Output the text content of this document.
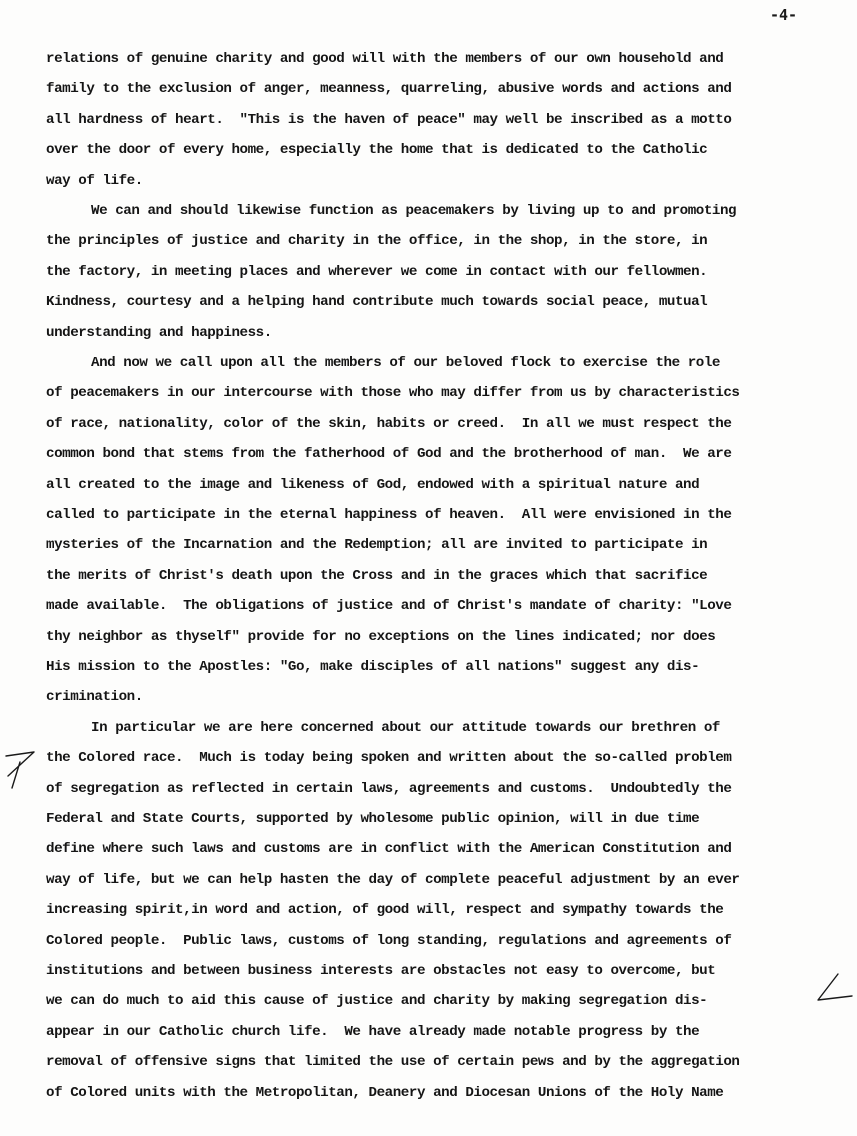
-4-
relations of genuine charity and good will with the members of our own household and
family to the exclusion of anger, meanness, quarreling, abusive words and actions and
all hardness of heart.  "This is the haven of peace" may well be inscribed as a motto
over the door of every home, especially the home that is dedicated to the Catholic
way of life.
We can and should likewise function as peacemakers by living up to and promoting
the principles of justice and charity in the office, in the shop, in the store, in
the factory, in meeting places and wherever we come in contact with our fellowmen.
Kindness, courtesy and a helping hand contribute much towards social peace, mutual
understanding and happiness.
And now we call upon all the members of our beloved flock to exercise the role
of peacemakers in our intercourse with those who may differ from us by characteristics
of race, nationality, color of the skin, habits or creed.  In all we must respect the
common bond that stems from the fatherhood of God and the brotherhood of man.  We are
all created to the image and likeness of God, endowed with a spiritual nature and
called to participate in the eternal happiness of heaven.  All were envisioned in the
mysteries of the Incarnation and the Redemption; all are invited to participate in
the merits of Christ's death upon the Cross and in the graces which that sacrifice
made available.  The obligations of justice and of Christ's mandate of charity: "Love
thy neighbor as thyself" provide for no exceptions on the lines indicated; nor does
His mission to the Apostles: "Go, make disciples of all nations" suggest any dis-
crimination.
In particular we are here concerned about our attitude towards our brethren of
the Colored race.  Much is today being spoken and written about the so-called problem
of segregation as reflected in certain laws, agreements and customs.  Undoubtedly the
Federal and State Courts, supported by wholesome public opinion, will in due time
define where such laws and customs are in conflict with the American Constitution and
way of life, but we can help hasten the day of complete peaceful adjustment by an ever
increasing spirit,in word and action, of good will, respect and sympathy towards the
Colored people.  Public laws, customs of long standing, regulations and agreements of
institutions and between business interests are obstacles not easy to overcome, but
we can do much to aid this cause of justice and charity by making segregation dis-
appear in our Catholic church life.  We have already made notable progress by the
removal of offensive signs that limited the use of certain pews and by the aggregation
of Colored units with the Metropolitan, Deanery and Diocesan Unions of the Holy Name
